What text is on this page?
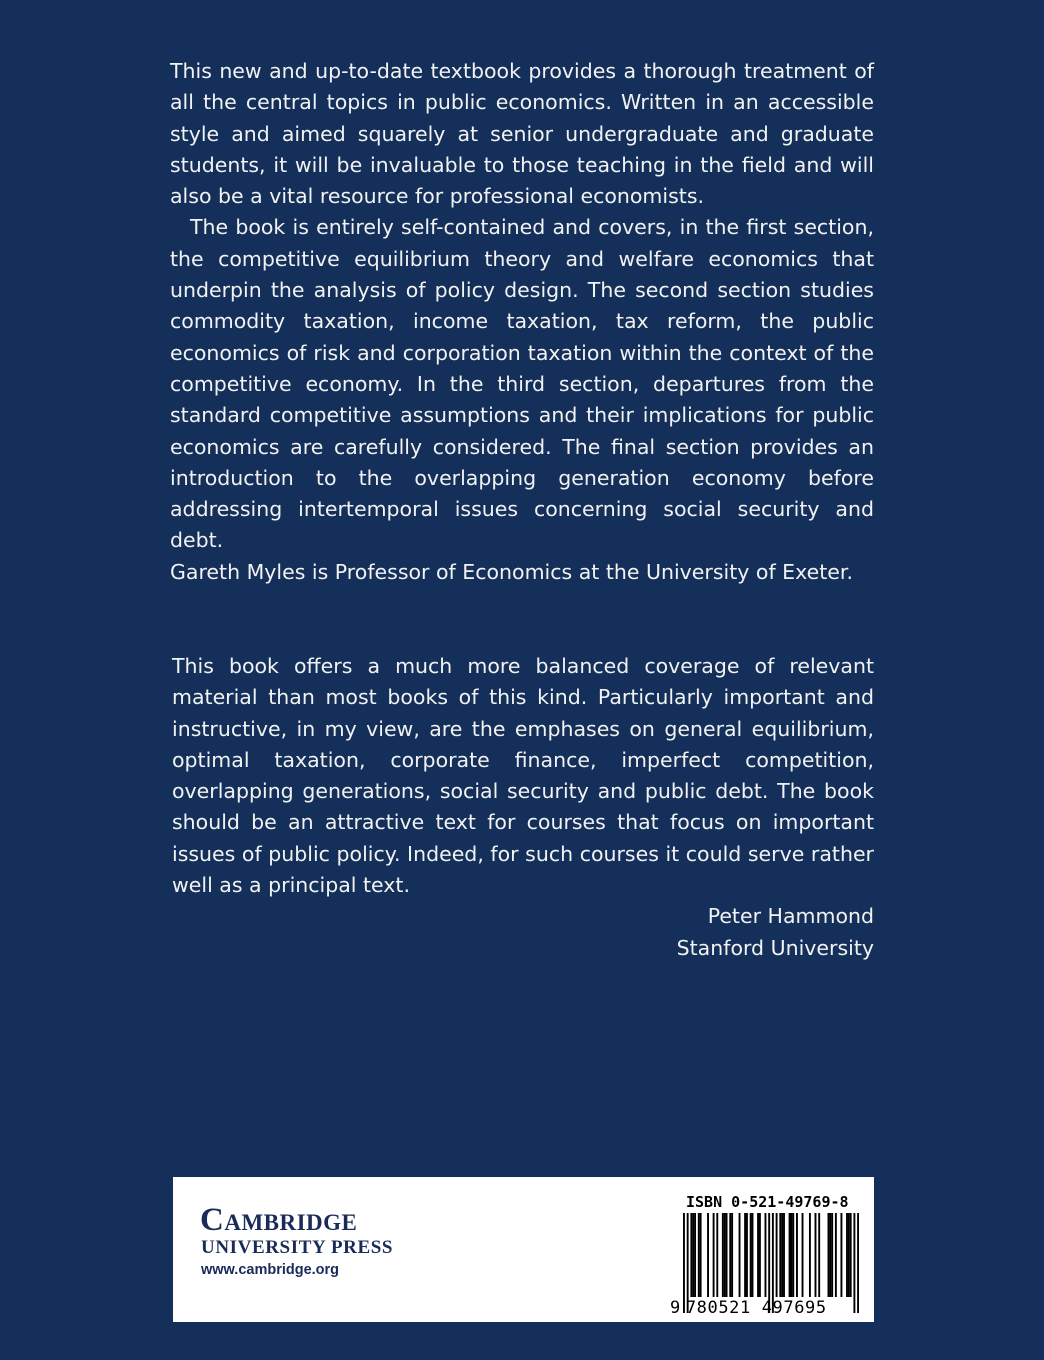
This new and up-to-date textbook provides a thorough treatment of all the central topics in public economics. Written in an accessible style and aimed squarely at senior undergraduate and graduate students, it will be invaluable to those teaching in the field and will also be a vital resource for professional economists.

The book is entirely self-contained and covers, in the first section, the competitive equilibrium theory and welfare economics that underpin the analysis of policy design. The second section studies commodity taxation, income taxation, tax reform, the public economics of risk and corporation taxation within the context of the competitive economy. In the third section, departures from the standard competitive assumptions and their implications for public economics are carefully considered. The final section provides an introduction to the overlapping generation economy before addressing intertemporal issues concerning social security and debt.

Gareth Myles is Professor of Economics at the University of Exeter.

This book offers a much more balanced coverage of relevant material than most books of this kind. Particularly important and instructive, in my view, are the emphases on general equilibrium, optimal taxation, corporate finance, imperfect competition, overlapping generations, social security and public debt. The book should be an attractive text for courses that focus on important issues of public policy. Indeed, for such courses it could serve rather well as a principal text.

Peter Hammond
Stanford University
Cambridge
UNIVERSITY PRESS
www.cambridge.org
ISBN 0-521-49769-8
9 780521 497695
